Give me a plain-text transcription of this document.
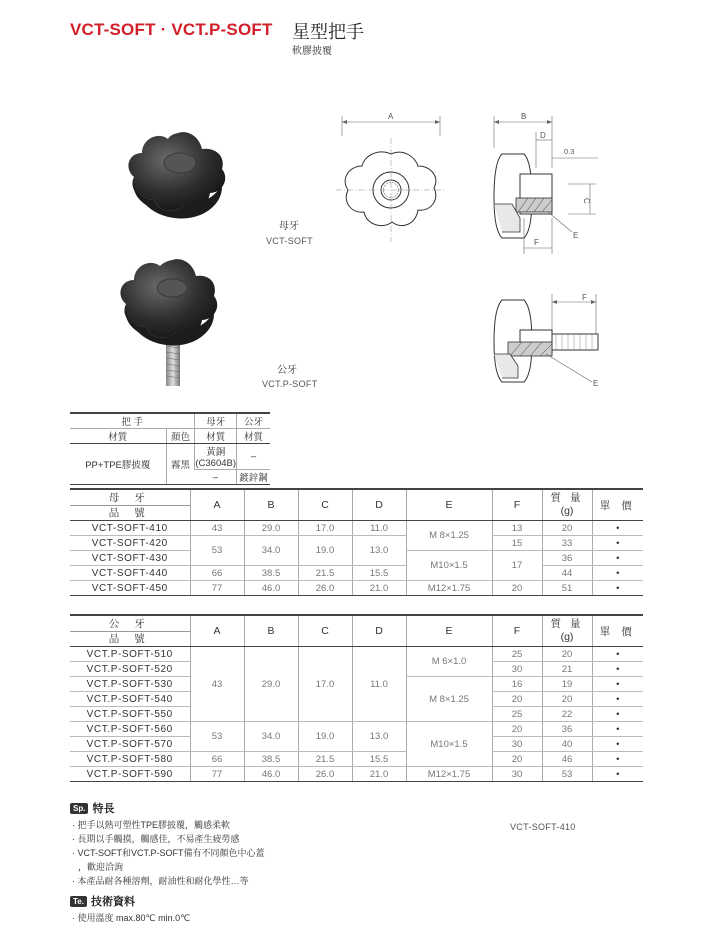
VCT-SOFT · VCT.P-SOFT 星型把手
軟膠披覆
母牙
VCT-SOFT
公牙
VCT.P-SOFT
A	B
D
0.3
C
E
F
F
E
把 手		母牙	公牙
材質	顏色	材質	材質
PP+TPE膠披覆	霧黑	黃銅(C3604B)	–
		–	鍍鋅鋼
母 牙
品 號	A	B	C	D	E	F	質 量
(g)	單 價
VCT-SOFT-410	43	29.0	17.0	11.0	M 8×1.25	13	20	•
VCT-SOFT-420	53	34.0	19.0	13.0		15	33	•
VCT-SOFT-430					M10×1.5	17	36	•
VCT-SOFT-440	66	38.5	21.5	15.5			44	•
VCT-SOFT-450	77	46.0	26.0	21.0	M12×1.75	20	51	•
公 牙
品 號	A	B	C	D	E	F	質 量
(g)	單 價
VCT.P-SOFT-510	43	29.0	17.0	11.0	M 6×1.0	25	20	•
VCT.P-SOFT-520						30	21	•
VCT.P-SOFT-530					M 8×1.25	16	19	•
VCT.P-SOFT-540						20	20	•
VCT.P-SOFT-550						25	22	•
VCT.P-SOFT-560	53	34.0	19.0	13.0	M10×1.5	20	36	•
VCT.P-SOFT-570						30	40	•
VCT.P-SOFT-580	66	38.5	21.5	15.5		20	46	•
VCT.P-SOFT-590	77	46.0	26.0	21.0	M12×1.75	30	53	•
Sp. 特長
· 把手以熱可塑性TPE膠披覆，觸感柔軟
· 長期以手觸摸，觸感佳，不易產生疲勞感
· VCT-SOFT和VCT.P-SOFT備有不同顏色中心蓋
，歡迎洽詢
· 本產品耐各種溶劑，耐油性和耐化學性…等
VCT-SOFT-410
Te. 技術資料
· 使用溫度 max.80℃ min.0℃
